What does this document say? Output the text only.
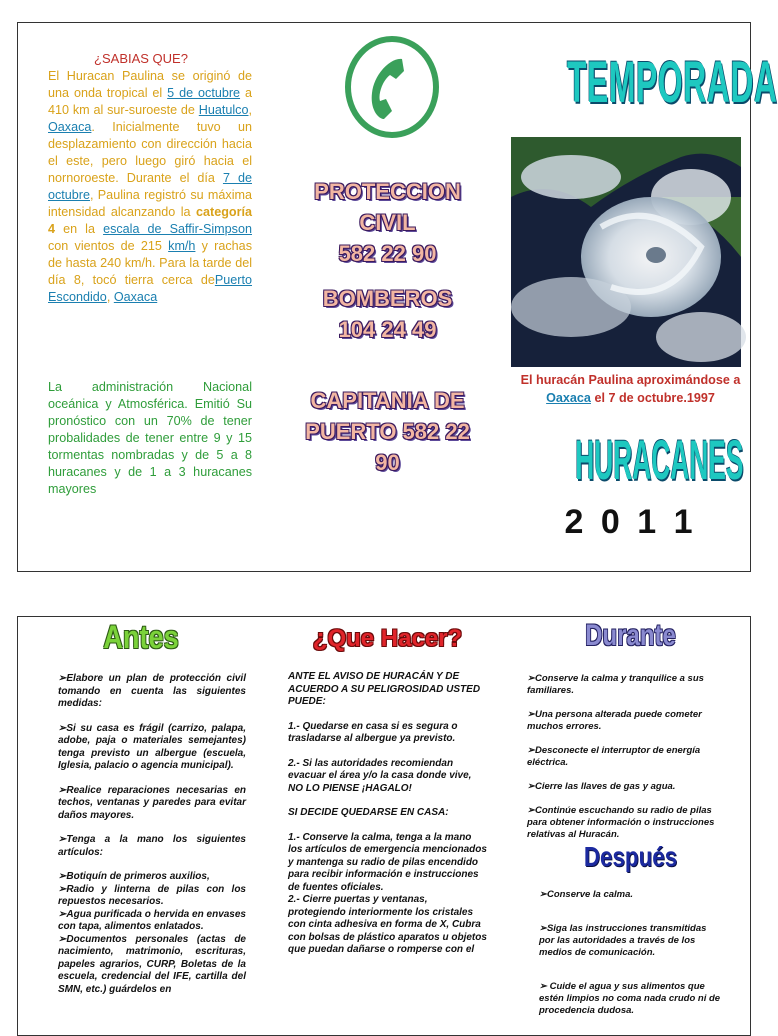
¿SABIAS QUE?
El Huracan Paulina se originó de una onda tropical el 5 de octubre a 410 km al sur-suroeste de Huatulco, Oaxaca. Inicialmente tuvo un desplazamiento con dirección hacia el este, pero luego giró hacia el nornoroeste. Durante el día 7 de octubre, Paulina registró su máxima intensidad alcanzando la categoría 4 en la escala de Saffir-Simpson con vientos de 215 km/h y rachas de hasta 240 km/h. Para la tarde del día 8, tocó tierra cerca dePuerto Escondido, Oaxaca
La administración Nacional oceánica y Atmosférica. Emitió Su pronóstico con un 70% de tener probalidades de tener entre 9 y 15 tormentas nombradas y de 5 a 8 huracanes y de 1 a 3 huracanes mayores
PROTECCION
CIVIL
582 22 90
BOMBEROS
104 24 49
CAPITANIA DE
PUERTO 582 22
90
TEMPORADA
El huracán Paulina aproximándose a Oaxaca el 7 de octubre.1997
HURACANES
2 0 1 1
Antes

➢Elabore un plan de protección civil tomando en cuenta las siguientes medidas:

➢Si su casa es frágil (carrizo, palapa, adobe, paja o materiales semejantes) tenga previsto un albergue (escuela, Iglesia, palacio o agencia municipal).

➢Realice reparaciones necesarias en techos, ventanas y paredes para evitar daños mayores.

➢Tenga a la mano los siguientes artículos:

➢Botiquín de primeros auxilios,
➢Radio y linterna de pilas con los repuestos necesarios.
➢Agua purificada o hervida en envases con tapa, alimentos enlatados.
➢Documentos personales (actas de nacimiento, matrimonio, escrituras, papeles agrarios, CURP, Boletas de la escuela, credencial del IFE, cartilla del SMN, etc.) guárdelos en
¿Que Hacer?

ANTE EL AVISO DE HURACÁN Y DE ACUERDO A SU PELIGROSIDAD USTED PUEDE:

1.- Quedarse en casa si es segura o trasladarse al albergue ya previsto.

2.- Si las autoridades recomiendan evacuar el área y/o la casa donde vive, NO LO PIENSE ¡HAGALO!

SI DECIDE QUEDARSE EN CASA:

1.- Conserve la calma, tenga a la mano los artículos de emergencia mencionados y mantenga su radio de pilas encendido para recibir información e instrucciones de fuentes oficiales.
2.- Cierre puertas y ventanas, protegiendo interiormente los cristales con cinta adhesiva en forma de X, Cubra con bolsas de plástico aparatos u objetos que puedan dañarse o romperse con el
Durante

➢Conserve la calma y tranquilice a sus familiares.

➢Una persona alterada puede cometer muchos errores.

➢Desconecte el interruptor de energía eléctrica.

➢Cierre las llaves de gas y agua.

➢Continúe escuchando su radio de pilas para obtener información o instrucciones relativas al Huracán.

Después

➢Conserve la calma.

➢Siga las instrucciones transmitidas por las autoridades a través de los medios de comunicación.

➢ Cuide el agua y sus alimentos que estén limpios no coma nada crudo ni de procedencia dudosa.
